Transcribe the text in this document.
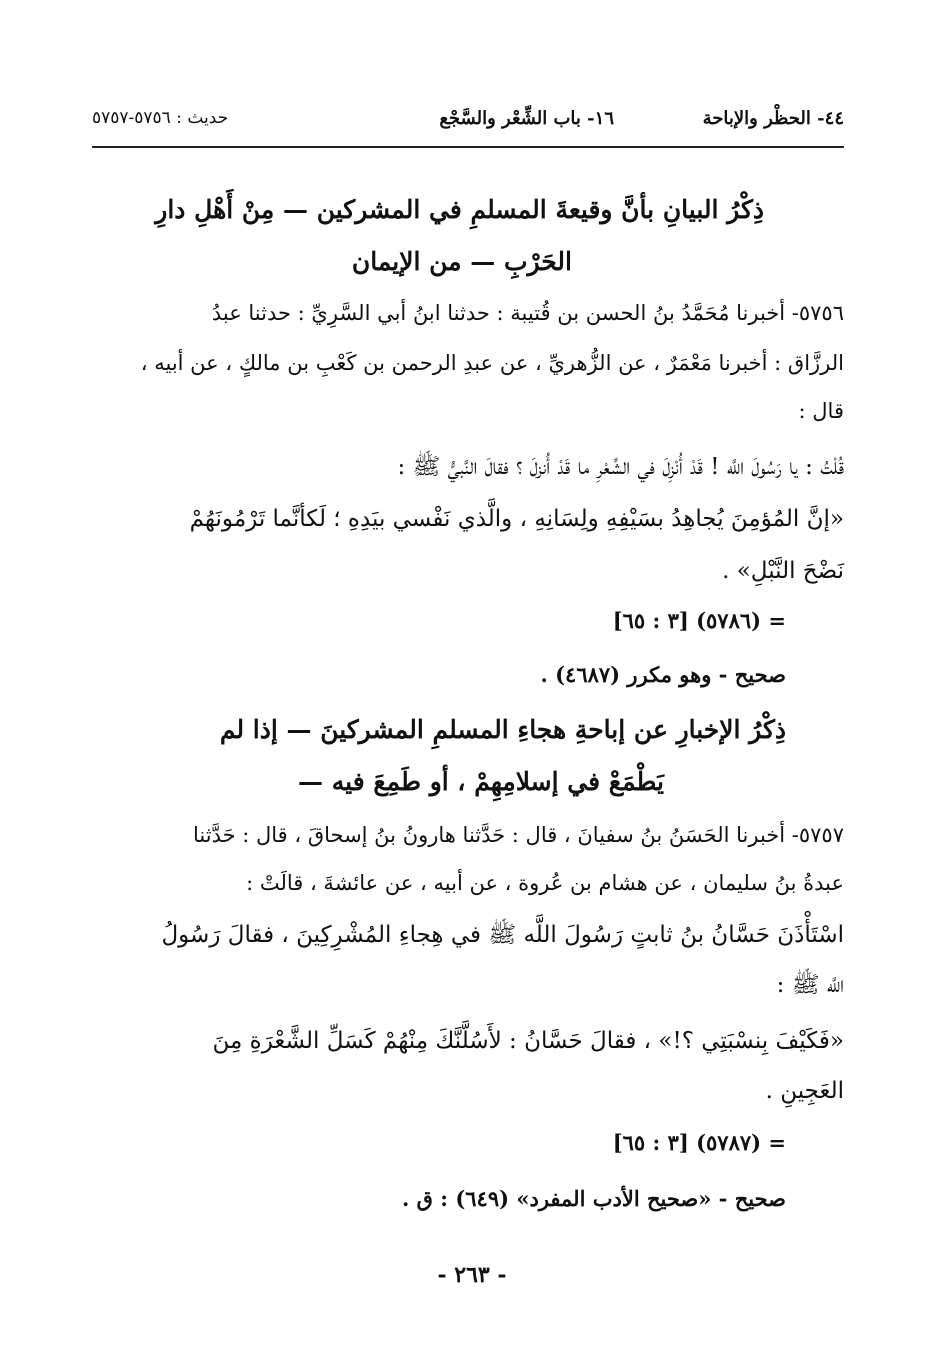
٤٤- الحظْر والإباحة
١٦- باب الشِّعْر والسَّجْع
حديث : ٥٧٥٦-٥٧٥٧
ذِكْرُ البيانِ بأنَّ وقيعةَ المسلمِ في المشركين — مِنْ أَهْلِ دارِ
الحَرْبِ — من الإيمان
٥٧٥٦- أخبرنا مُحَمَّدُ بنُ الحسن بن قُتيبة : حدثنا ابنُ أبي السَّرِيِّ : حدثنا عبدُ
الرزَّاق : أخبرنا مَعْمَرٌ ، عن الزُّهريِّ ، عن عبدِ الرحمن بن كَعْبِ بن مالكٍ ، عن أبيه ،
قال :
قُلْتُ : يا رَسُولَ اللَّه ! قَدْ أُنْزِلَ في الشِّعْرِ ما قَدْ أُنزلَ ؟ فقالَ النَّبيُّ ﷺ :
«إنَّ المُؤمِنَ يُجاهِدُ بسَيْفِهِ ولِسَانِهِ ، والَّذي نَفْسي بيَدِهِ ؛ لَكأنَّما تَرْمُونَهُمْ
نَضْحَ النَّبْلِ» .
= (٥٧٨٦) [٣ : ٦٥]
صحيح - وهو مكرر (٤٦٨٧) .
ذِكْرُ الإخبارِ عن إباحةِ هجاءِ المسلمِ المشركينَ — إذا لم
يَطْمَعْ في إسلامِهِمْ ، أو طَمِعَ فيه —
٥٧٥٧- أخبرنا الحَسَنُ بنُ سفيانَ ، قال : حَدَّثنا هارونُ بنُ إسحاقَ ، قال : حَدَّثنا
عبدةُ بنُ سليمان ، عن هشام بن عُروة ، عن أبيه ، عن عائشةَ ، قالَتْ :
اسْتَأْذَنَ حَسَّانُ بنُ ثابتٍ رَسُولَ اللَّه ﷺ في هِجاءِ المُشْرِكِينَ ، فقالَ رَسُولُ
اللَّه ﷺ :
«فَكَيْفَ بِنسْبَتِي ؟!» ، فقالَ حَسَّانُ : لأَسُلَّنَّكَ مِنْهُمْ كَسَلِّ الشَّعْرَةِ مِنَ
العَجِينِ .
= (٥٧٨٧) [٣ : ٦٥]
صحيح - «صحيح الأدب المفرد» (٦٤٩) : ق .
- ٢٦٣ -
